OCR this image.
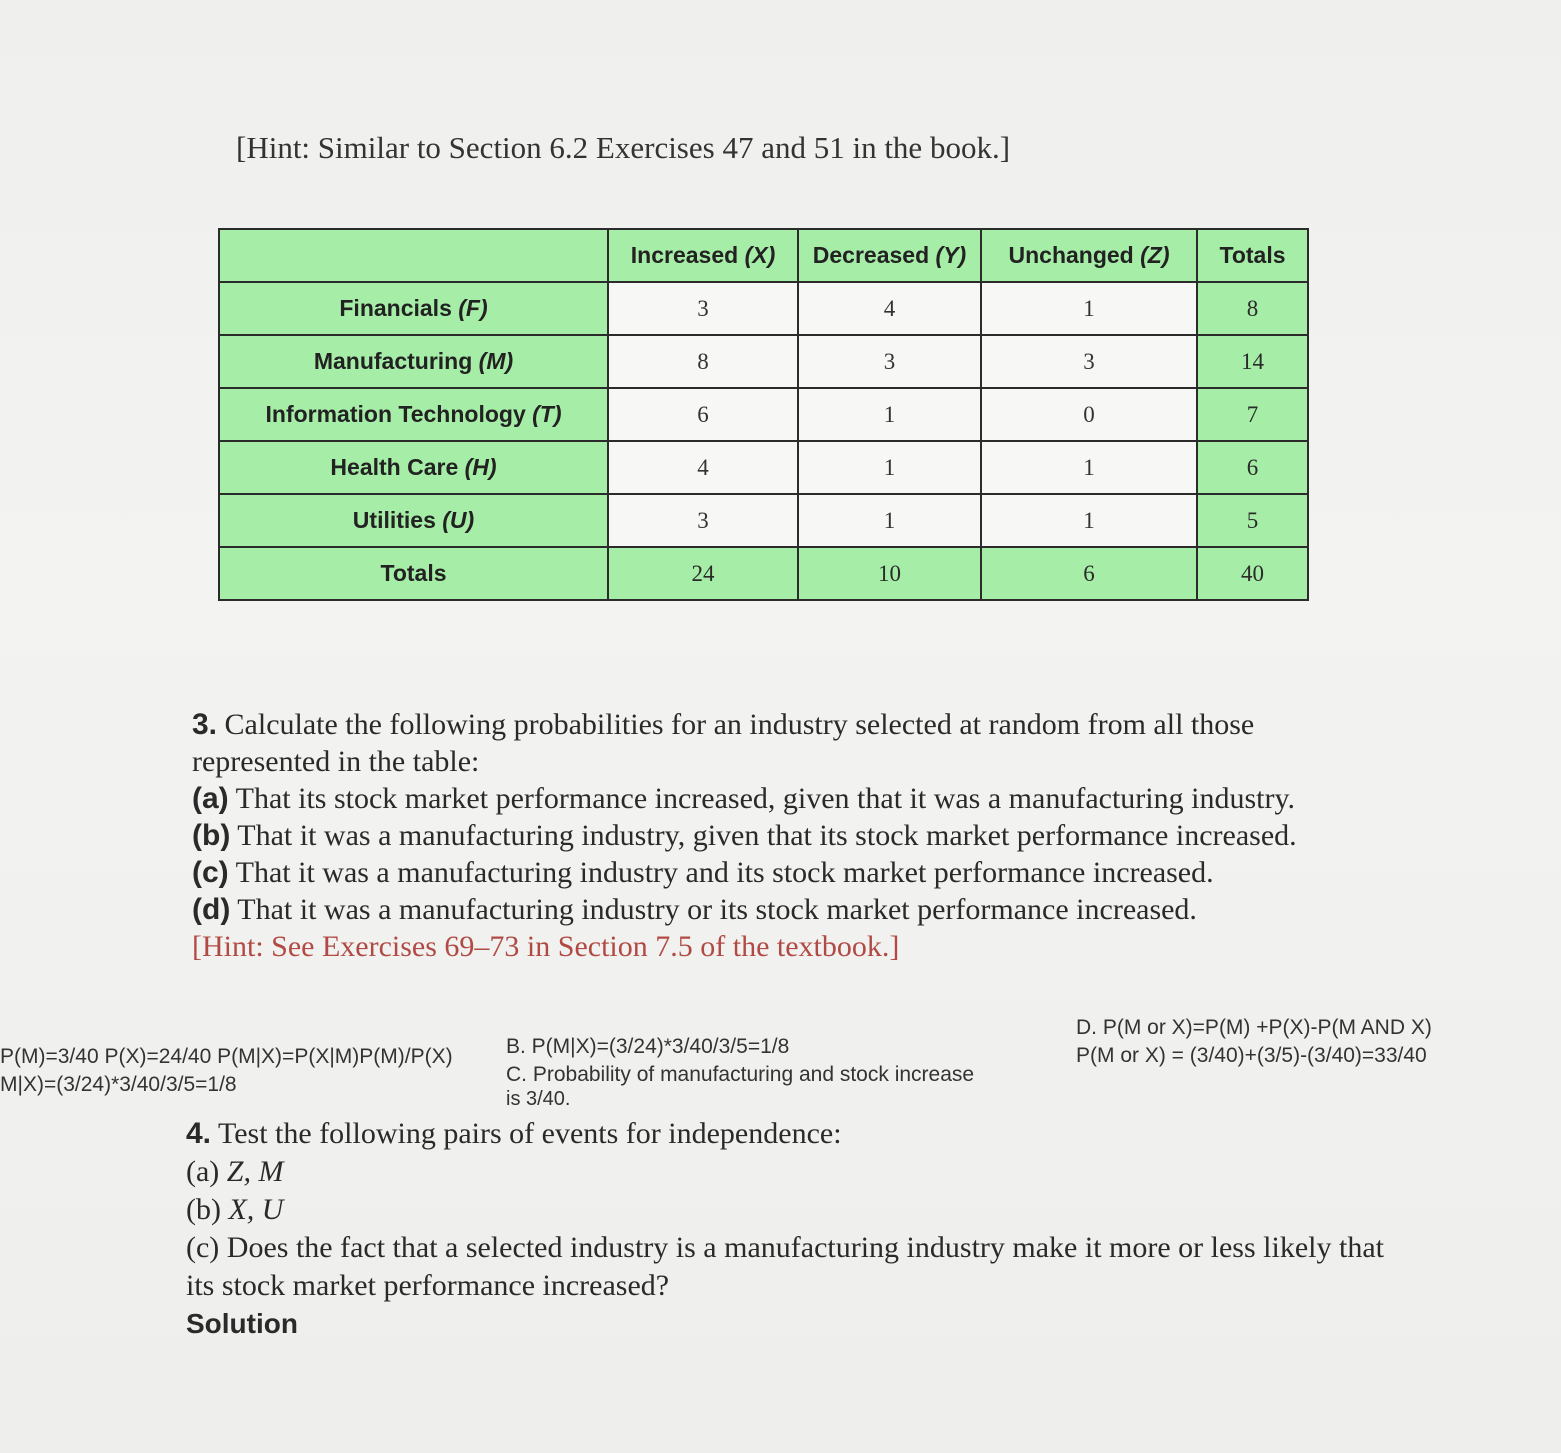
[Hint: Similar to Section 6.2 Exercises 47 and 51 in the book.]
	Increased (X)	Decreased (Y)	Unchanged (Z)	Totals
Financials (F)	3	4	1	8
Manufacturing (M)	8	3	3	14
Information Technology (T)	6	1	0	7
Health Care (H)	4	1	1	6
Utilities (U)	3	1	1	5
Totals	24	10	6	40
3. Calculate the following probabilities for an industry selected at random from all those represented in the table:
(a) That its stock market performance increased, given that it was a manufacturing industry.
(b) That it was a manufacturing industry, given that its stock market performance increased.
(c) That it was a manufacturing industry and its stock market performance increased.
(d) That it was a manufacturing industry or its stock market performance increased.
[Hint: See Exercises 69–73 in Section 7.5 of the textbook.]
P(M)=3/40 P(X)=24/40 P(M|X)=P(X|M)P(M)/P(X)
M|X)=(3/24)*3/40/3/5=1/8
B. P(M|X)=(3/24)*3/40/3/5=1/8
C. Probability of manufacturing and stock increase
is 3/40.
D. P(M or X)=P(M) +P(X)-P(M AND X)
P(M or X) = (3/40)+(3/5)-(3/40)=33/40
4. Test the following pairs of events for independence:
(a) Z, M
(b) X, U
(c) Does the fact that a selected industry is a manufacturing industry make it more or less likely that its stock market performance increased?
Solution
